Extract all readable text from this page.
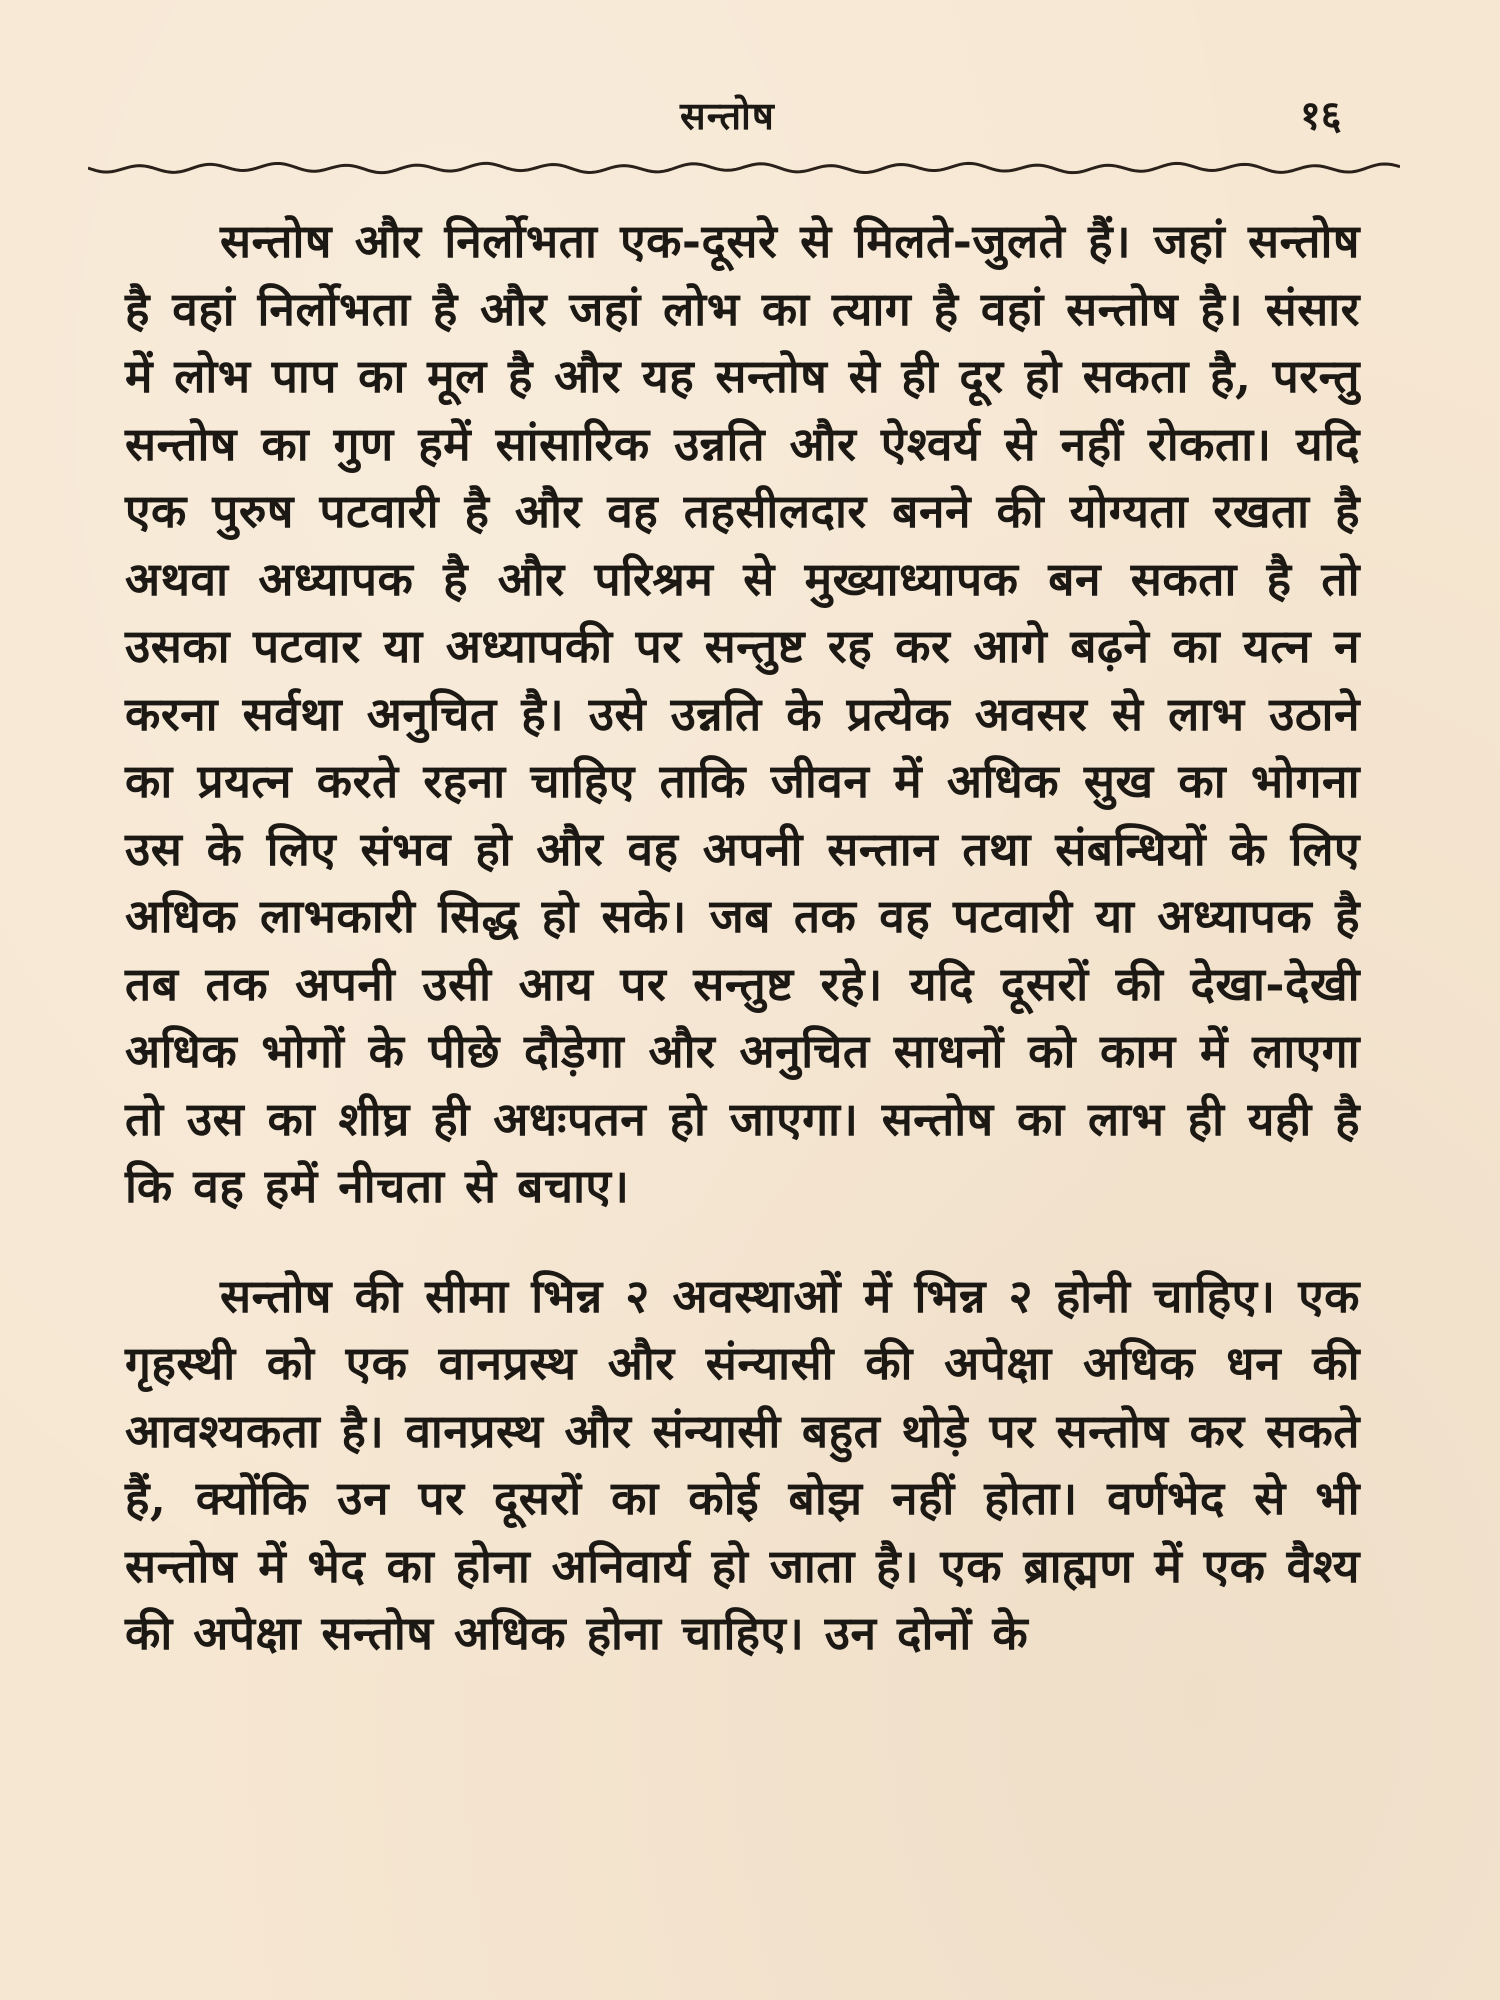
सन्तोष	१६

सन्तोष और निर्लोभता एक-दूसरे से मिलते-जुलते हैं। जहां सन्तोष है वहां निर्लोभता है और जहां लोभ का त्याग है वहां सन्तोष है। संसार में लोभ पाप का मूल है और यह सन्तोष से ही दूर हो सकता है, परन्तु सन्तोष का गुण हमें सांसारिक उन्नति और ऐश्वर्य से नहीं रोकता। यदि एक पुरुष पटवारी है और वह तहसीलदार बनने की योग्यता रखता है अथवा अध्यापक है और परिश्रम से मुख्याध्यापक बन सकता है तो उसका पटवार या अध्यापकी पर सन्तुष्ट रह कर आगे बढ़ने का यत्न न करना सर्वथा अनुचित है। उसे उन्नति के प्रत्येक अवसर से लाभ उठाने का प्रयत्न करते रहना चाहिए ताकि जीवन में अधिक सुख का भोगना उस के लिए संभव हो और वह अपनी सन्तान तथा संबन्धियों के लिए अधिक लाभकारी सिद्ध हो सके। जब तक वह पटवारी या अध्यापक है तब तक अपनी उसी आय पर सन्तुष्ट रहे। यदि दूसरों की देखा-देखी अधिक भोगों के पीछे दौड़ेगा और अनुचित साधनों को काम में लाएगा तो उस का शीघ्र ही अधःपतन हो जाएगा। सन्तोष का लाभ ही यही है कि वह हमें नीचता से बचाए।

सन्तोष की सीमा भिन्न २ अवस्थाओं में भिन्न २ होनी चाहिए। एक गृहस्थी को एक वानप्रस्थ और संन्यासी की अपेक्षा अधिक धन की आवश्यकता है। वानप्रस्थ और संन्यासी बहुत थोड़े पर सन्तोष कर सकते हैं, क्योंकि उन पर दूसरों का कोई बोझ नहीं होता। वर्णभेद से भी सन्तोष में भेद का होना अनिवार्य हो जाता है। एक ब्राह्मण में एक वैश्य की अपेक्षा सन्तोष अधिक होना चाहिए। उन दोनों के
